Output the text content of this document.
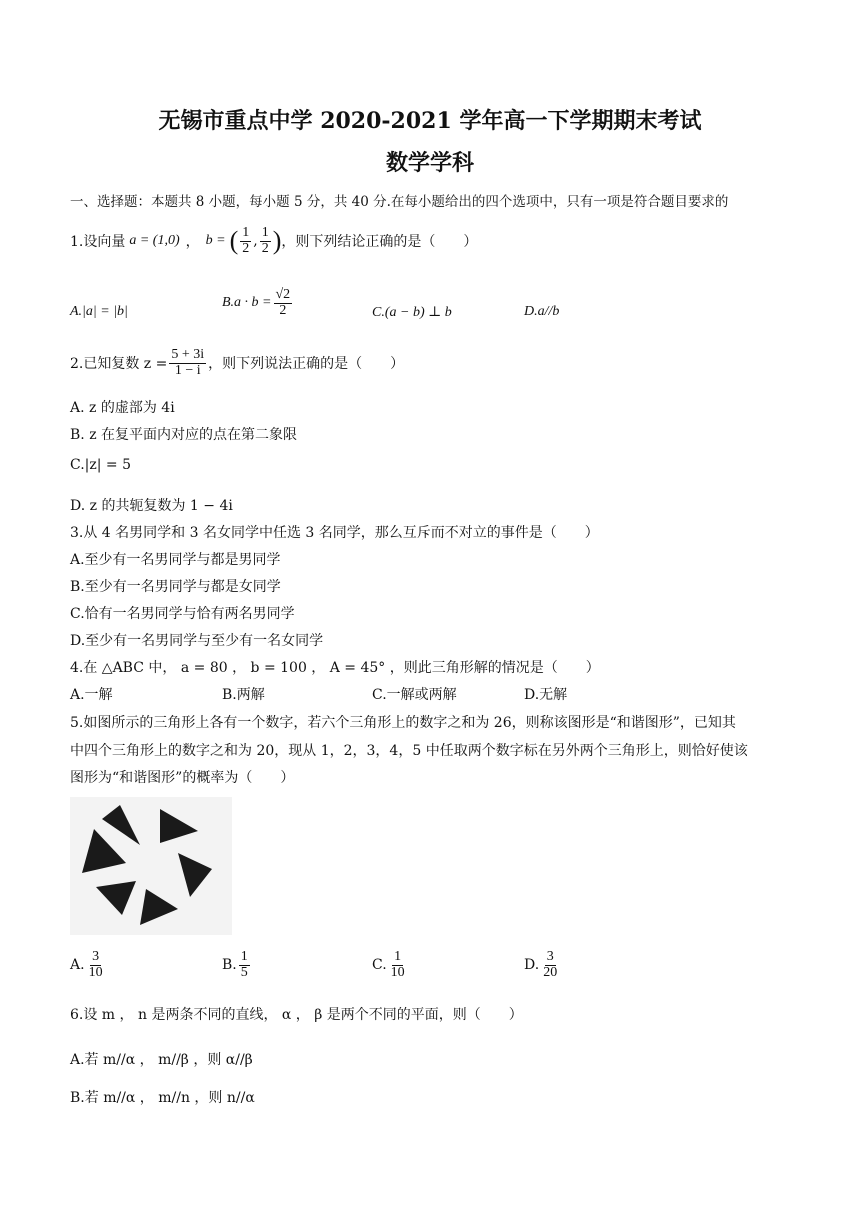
无锡市重点中学 2020-2021 学年高一下学期期末考试
数学学科
一、选择题：本题共 8 小题，每小题 5 分，共 40 分.在每小题给出的四个选项中，只有一项是符合题目要求的
1.设向量 a = (1,0) ， b = ( $\frac{1}{2}$ , $\frac{1}{2}$ ) ，则下列结论正确的是（　　）
A.|a| = |b|
$B.a \cdot b = \frac{√2}{2}$	C.(a − b) ⊥ b	D.a//b
2.已知复数 $z = \frac{5 + 3i}{1 - i}$ ，则下列说法正确的是（　　）
A. z 的虚部为 4i
B. z 在复平面内对应的点在第二象限
C.|z| = 5
D. z 的共轭复数为 1 − 4i
3.从 4 名男同学和 3 名女同学中任选 3 名同学，那么互斥而不对立的事件是（　　）
A.至少有一名男同学与都是男同学
B.至少有一名男同学与都是女同学
C.恰有一名男同学与恰有两名男同学
D.至少有一名男同学与至少有一名女同学
4.在 △ABC 中， a = 80 ， b = 100 ， A = 45° ，则此三角形解的情况是（　　）
A.一解	B.两解	C.一解或两解	D.无解
5.如图所示的三角形上各有一个数字，若六个三角形上的数字之和为 26，则称该图形是“和谐图形”，已知其
中四个三角形上的数字之和为 20，现从 1，2，3，4，5 中任取两个数字标在另外两个三角形上，则恰好使该
图形为“和谐图形”的概率为（　　）
A. $\frac{3}{10}$	B. $\frac{1}{5}$	C. $\frac{1}{10}$	D. $\frac{3}{20}$
6.设 m ， n 是两条不同的直线， α ， β 是两个不同的平面，则（　　）
A.若 m//α ， m//β ，则 α//β
B.若 m//α ， m//n ，则 n//α
